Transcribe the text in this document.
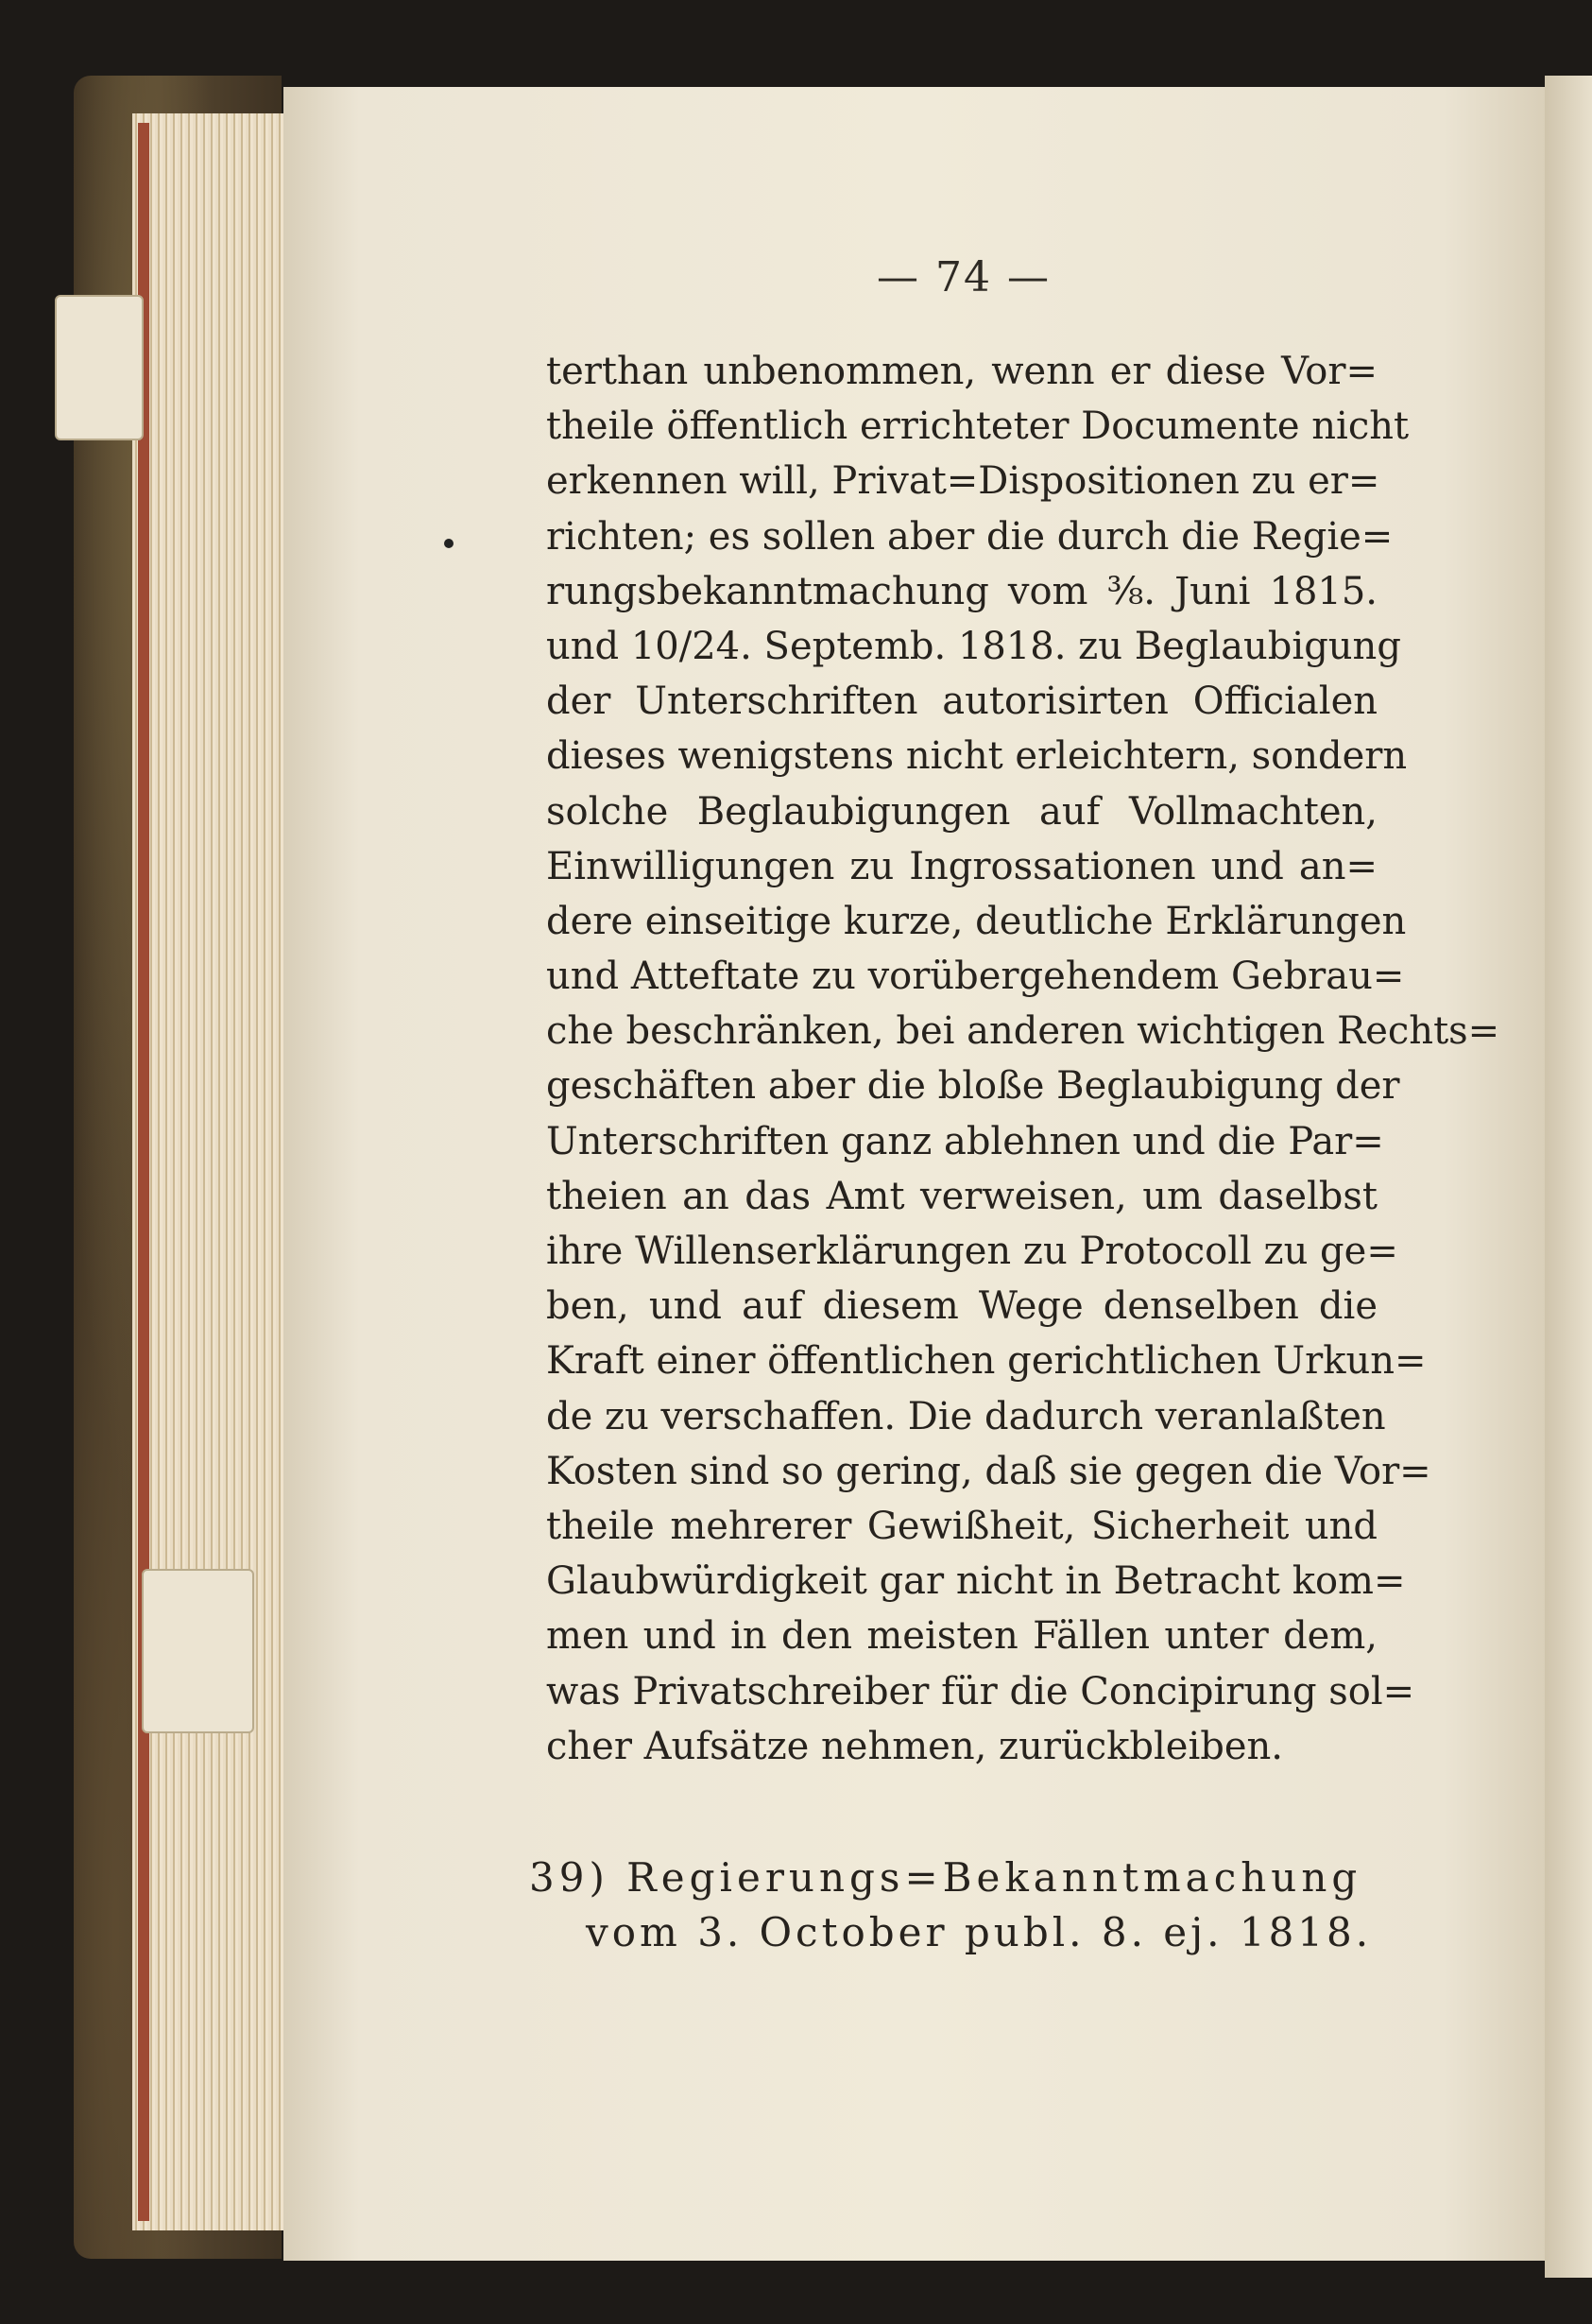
— 74 —
terthan unbenommen, wenn er diese Vor=
theile öffentlich errichteter Documente nicht
erkennen will, Privat=Dispositionen zu er=
richten; es sollen aber die durch die Regie=
rungsbekanntmachung vom ⅜. Juni 1815.
und 10/24. Septemb. 1818. zu Beglaubigung
der Unterschriften autorisirten Officialen
dieses wenigstens nicht erleichtern, sondern
solche Beglaubigungen auf Vollmachten,
Einwilligungen zu Ingrossationen und an=
dere einseitige kurze, deutliche Erklärungen
und Atteftate zu vorübergehendem Gebrau=
che beschränken, bei anderen wichtigen Rechts=
geschäften aber die bloße Beglaubigung der
Unterschriften ganz ablehnen und die Par=
theien an das Amt verweisen, um daselbst
ihre Willenserklärungen zu Protocoll zu ge=
ben, und auf diesem Wege denselben die
Kraft einer öffentlichen gerichtlichen Urkun=
de zu verschaffen. Die dadurch veranlaßten
Kosten sind so gering, daß sie gegen die Vor=
theile mehrerer Gewißheit, Sicherheit und
Glaubwürdigkeit gar nicht in Betracht kom=
men und in den meisten Fällen unter dem,
was Privatschreiber für die Concipirung sol=
cher Aufsätze nehmen, zurückbleiben.
39) Regierungs=Bekanntmachung
vom 3. October publ. 8. ej. 1818.
